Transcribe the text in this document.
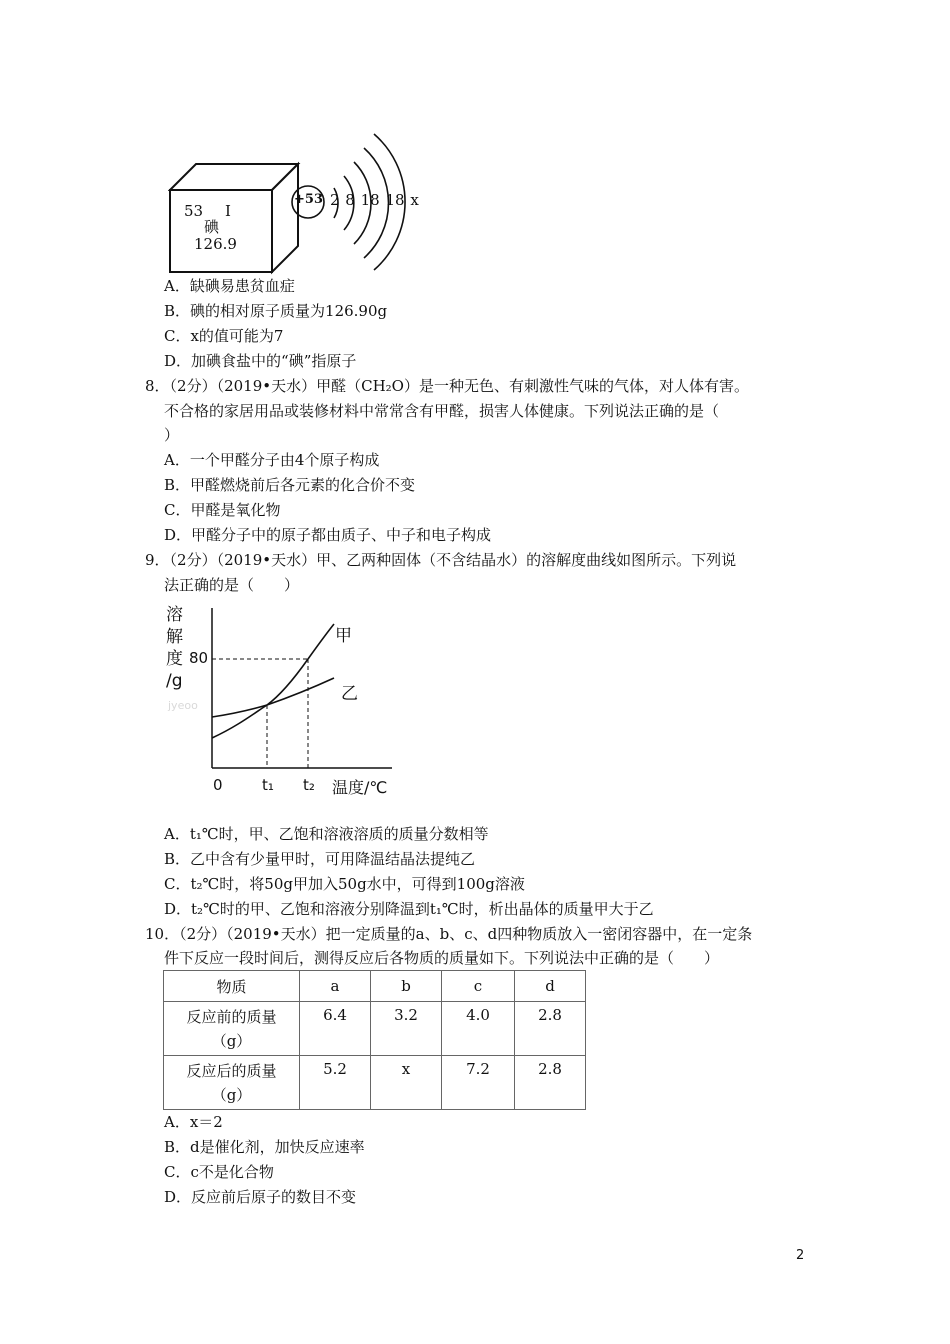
53 I
碘
126.9
+53 2 8 18 18 x
A．缺碘易患贫血症
B．碘的相对原子质量为126.90g
C．x的值可能为7
D．加碘食盐中的“碘”指原子
8．（2分）（2019•天水）甲醛（CH₂O）是一种无色、有刺激性气味的气体，对人体有害。
不合格的家居用品或装修材料中常常含有甲醛，损害人体健康。下列说法正确的是（
）
A．一个甲醛分子由4个原子构成
B．甲醛燃烧前后各元素的化合价不变
C．甲醛是氧化物
D．甲醛分子中的原子都由质子、中子和电子构成
9．（2分）（2019•天水）甲、乙两种固体（不含结晶水）的溶解度曲线如图所示。下列说
法正确的是（　　）
溶
解
度
/g
80
jyeoo
甲
乙
0	t₁ t₂ 温度/℃
A．t₁℃时，甲、乙饱和溶液溶质的质量分数相等
B．乙中含有少量甲时，可用降温结晶法提纯乙
C．t₂℃时，将50g甲加入50g水中，可得到100g溶液
D．t₂℃时的甲、乙饱和溶液分别降温到t₁℃时，析出晶体的质量甲大于乙
10．（2分）（2019•天水）把一定质量的a、b、c、d四种物质放入一密闭容器中，在一定条
件下反应一段时间后，测得反应后各物质的质量如下。下列说法中正确的是（　　）
物质	a	b	c	d

反应前的质量
（g）	6.4	3.2	4.0	2.8

反应后的质量
（g）	5.2	x	7.2	2.8
A．x＝2
B．d是催化剂，加快反应速率
C．c不是化合物
D．反应前后原子的数目不变
2
